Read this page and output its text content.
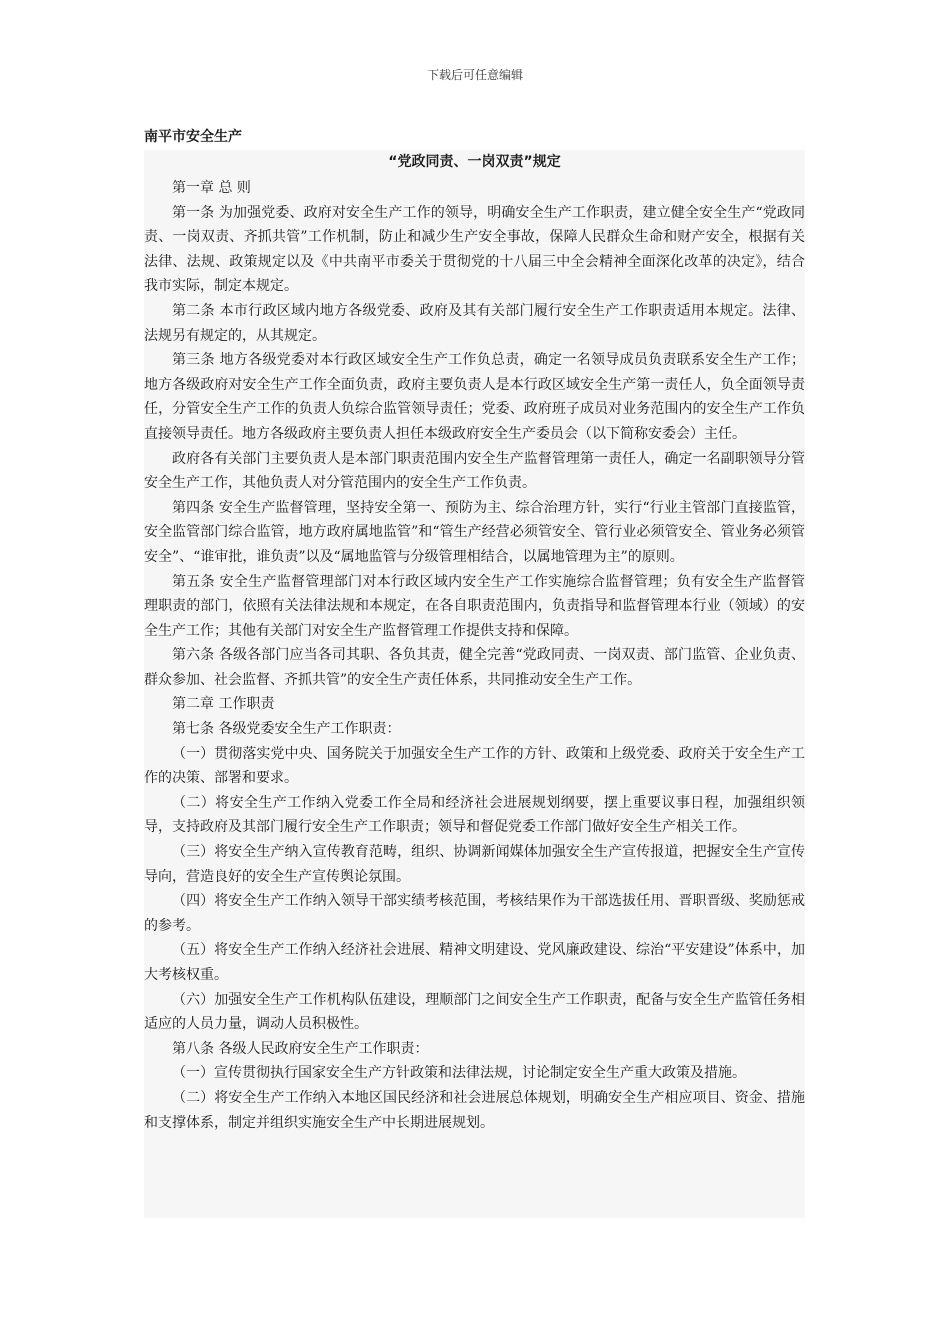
下载后可任意编辑
南平市安全生产
“党政同责、一岗双责”规定

第一章 总 则

第一条 为加强党委、政府对安全生产工作的领导，明确安全生产工作职责，建立健全安全生产“党政同责、一岗双责、齐抓共管”工作机制，防止和减少生产安全事故，保障人民群众生命和财产安全，根据有关法律、法规、政策规定以及《中共南平市委关于贯彻党的十八届三中全会精神全面深化改革的决定》，结合我市实际，制定本规定。

第二条 本市行政区域内地方各级党委、政府及其有关部门履行安全生产工作职责适用本规定。法律、法规另有规定的，从其规定。

第三条 地方各级党委对本行政区域安全生产工作负总责，确定一名领导成员负责联系安全生产工作；地方各级政府对安全生产工作全面负责，政府主要负责人是本行政区域安全生产第一责任人，负全面领导责任，分管安全生产工作的负责人负综合监管领导责任；党委、政府班子成员对业务范围内的安全生产工作负直接领导责任。地方各级政府主要负责人担任本级政府安全生产委员会（以下简称安委会）主任。

政府各有关部门主要负责人是本部门职责范围内安全生产监督管理第一责任人，确定一名副职领导分管安全生产工作，其他负责人对分管范围内的安全生产工作负责。

第四条 安全生产监督管理，坚持安全第一、预防为主、综合治理方针，实行“行业主管部门直接监管，安全监管部门综合监管，地方政府属地监管”和“管生产经营必须管安全、管行业必须管安全、管业务必须管安全”、“谁审批，谁负责”以及“属地监管与分级管理相结合，以属地管理为主”的原则。

第五条 安全生产监督管理部门对本行政区域内安全生产工作实施综合监督管理；负有安全生产监督管理职责的部门，依照有关法律法规和本规定，在各自职责范围内，负责指导和监督管理本行业（领域）的安全生产工作；其他有关部门对安全生产监督管理工作提供支持和保障。

第六条 各级各部门应当各司其职、各负其责，健全完善“党政同责、一岗双责、部门监管、企业负责、群众参加、社会监督、齐抓共管”的安全生产责任体系，共同推动安全生产工作。

第二章 工作职责

第七条 各级党委安全生产工作职责：

（一）贯彻落实党中央、国务院关于加强安全生产工作的方针、政策和上级党委、政府关于安全生产工作的决策、部署和要求。

（二）将安全生产工作纳入党委工作全局和经济社会进展规划纲要，摆上重要议事日程，加强组织领导，支持政府及其部门履行安全生产工作职责；领导和督促党委工作部门做好安全生产相关工作。

（三）将安全生产纳入宣传教育范畴，组织、协调新闻媒体加强安全生产宣传报道，把握安全生产宣传导向，营造良好的安全生产宣传舆论氛围。

（四）将安全生产工作纳入领导干部实绩考核范围，考核结果作为干部选拔任用、晋职晋级、奖励惩戒的参考。

（五）将安全生产工作纳入经济社会进展、精神文明建设、党风廉政建设、综治“平安建设”体系中，加大考核权重。

（六）加强安全生产工作机构队伍建设，理顺部门之间安全生产工作职责，配备与安全生产监管任务相适应的人员力量，调动人员积极性。

第八条 各级人民政府安全生产工作职责：

（一）宣传贯彻执行国家安全生产方针政策和法律法规，讨论制定安全生产重大政策及措施。

（二）将安全生产工作纳入本地区国民经济和社会进展总体规划，明确安全生产相应项目、资金、措施和支撑体系，制定并组织实施安全生产中长期进展规划。
